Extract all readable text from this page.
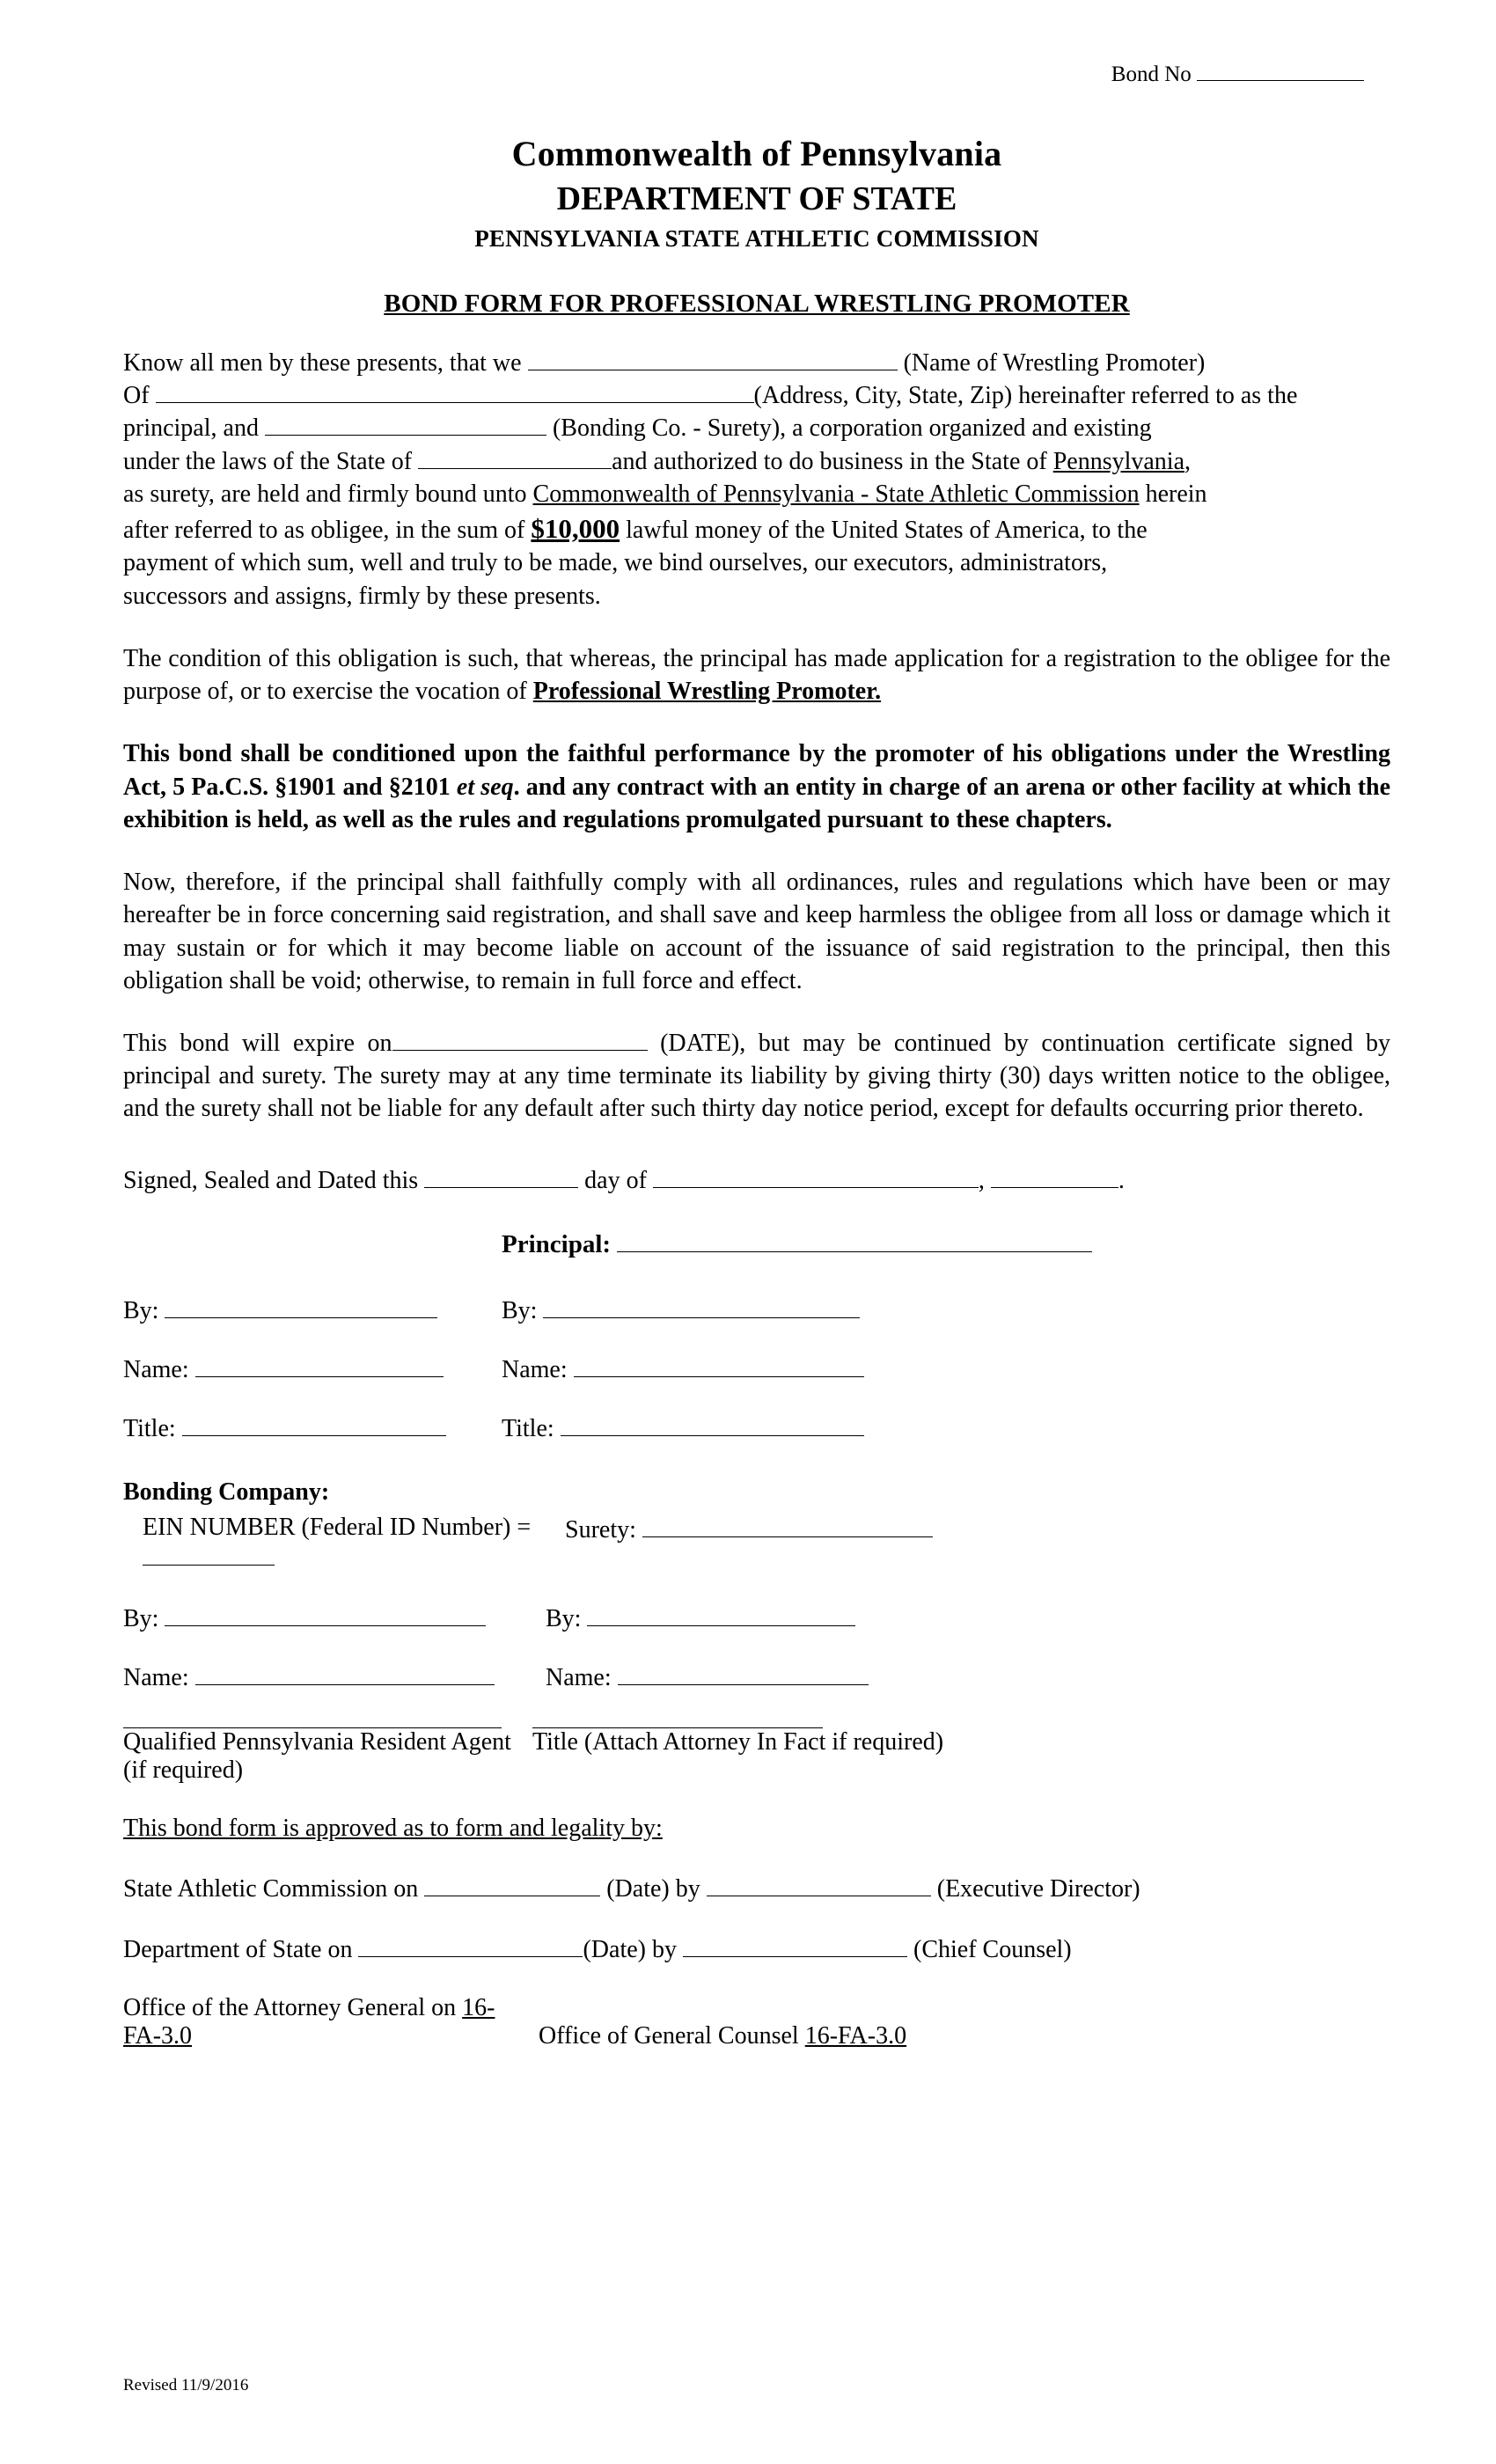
Bond No
Commonwealth of Pennsylvania
DEPARTMENT OF STATE
PENNSYLVANIA STATE ATHLETIC COMMISSION
BOND FORM FOR PROFESSIONAL WRESTLING PROMOTER

Know all men by these presents, that we	(Name of Wrestling Promoter)
Of	(Address, City, State, Zip) hereinafter referred to as the
principal, and	(Bonding Co. - Surety), a corporation organized and existing
under the laws of the State of	and authorized to do business in the State of Pennsylvania,
as surety, are held and firmly bound unto Commonwealth of Pennsylvania - State Athletic Commission herein
after referred to as obligee, in the sum of $10,000 lawful money of the United States of America, to the
payment of which sum, well and truly to be made, we bind ourselves, our executors, administrators,
successors and assigns, firmly by these presents.

The condition of this obligation is such, that whereas, the principal has made application for a registration to the obligee for the purpose of, or to exercise the vocation of Professional Wrestling Promoter.

This bond shall be conditioned upon the faithful performance by the promoter of his obligations under the Wrestling Act, 5 Pa.C.S. §1901 and §2101 et seq. and any contract with an entity in charge of an arena or other facility at which the exhibition is held, as well as the rules and regulations promulgated pursuant to these chapters.

Now, therefore, if the principal shall faithfully comply with all ordinances, rules and regulations which have been or may hereafter be in force concerning said registration, and shall save and keep harmless the obligee from all loss or damage which it may sustain or for which it may become liable on account of the issuance of said registration to the principal, then this obligation shall be void; otherwise, to remain in full force and effect.

This bond will expire on	(DATE), but may be continued by continuation certificate signed by principal and surety. The surety may at any time terminate its liability by giving thirty (30) days written notice to the obligee, and the surety shall not be liable for any default after such thirty day notice period, except for defaults occurring prior thereto.

Signed, Sealed and Dated this	day of	,	.
Principal:
By:	By:
Name:	Name:
Title:	Title:
Bonding Company:
EIN NUMBER (Federal ID Number) =	Surety:
By:	By:
Name:	Name:
Qualified Pennsylvania Resident Agent (if required)
Title (Attach Attorney In Fact if required)
This bond form is approved as to form and legality by:
State Athletic Commission on	(Date) by	(Executive Director)
Department of State on	(Date) by	(Chief Counsel)
Office of the Attorney General on 16-FA-3.0	Office of General Counsel 16-FA-3.0
Revised 11/9/2016
